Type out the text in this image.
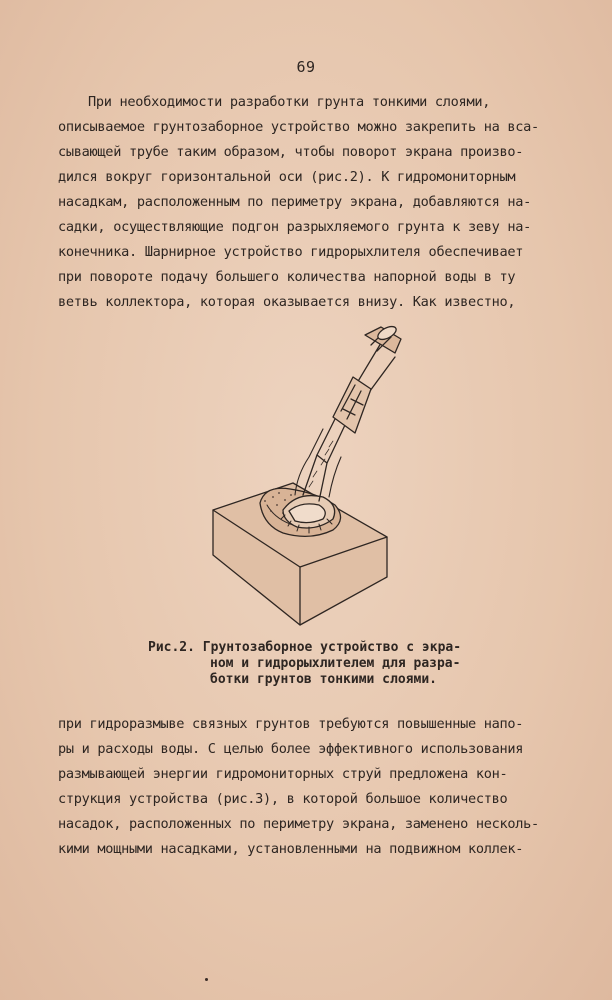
69
При необходимости разработки грунта тонкими слоями,
описываемое грунтозаборное устройство можно закрепить на вса-
сывающей трубе таким образом, чтобы поворот экрана произво-
дился вокруг горизонтальной оси (рис.2). К гидромониторным
насадкам, расположенным по периметру экрана, добавляются на-
садки, осуществляющие подгон разрыхляемого грунта к зеву на-
конечника. Шарнирное устройство гидрорыхлителя обеспечивает
при повороте подачу большего количества напорной воды в ту
ветвь коллектора, которая оказывается внизу. Как известно,
Рис.2. Грунтозаборное устройство с экра-
ном и гидрорыхлителем для разра-
ботки грунтов тонкими слоями.
при гидроразмыве связных грунтов требуются повышенные напо-
ры и расходы воды. С целью более эффективного использования
размывающей энергии гидромониторных струй предложена кон-
струкция устройства (рис.3), в которой большое количество
насадок, расположенных по периметру экрана, заменено несколь-
кими мощными насадками, установленными на подвижном коллек-
